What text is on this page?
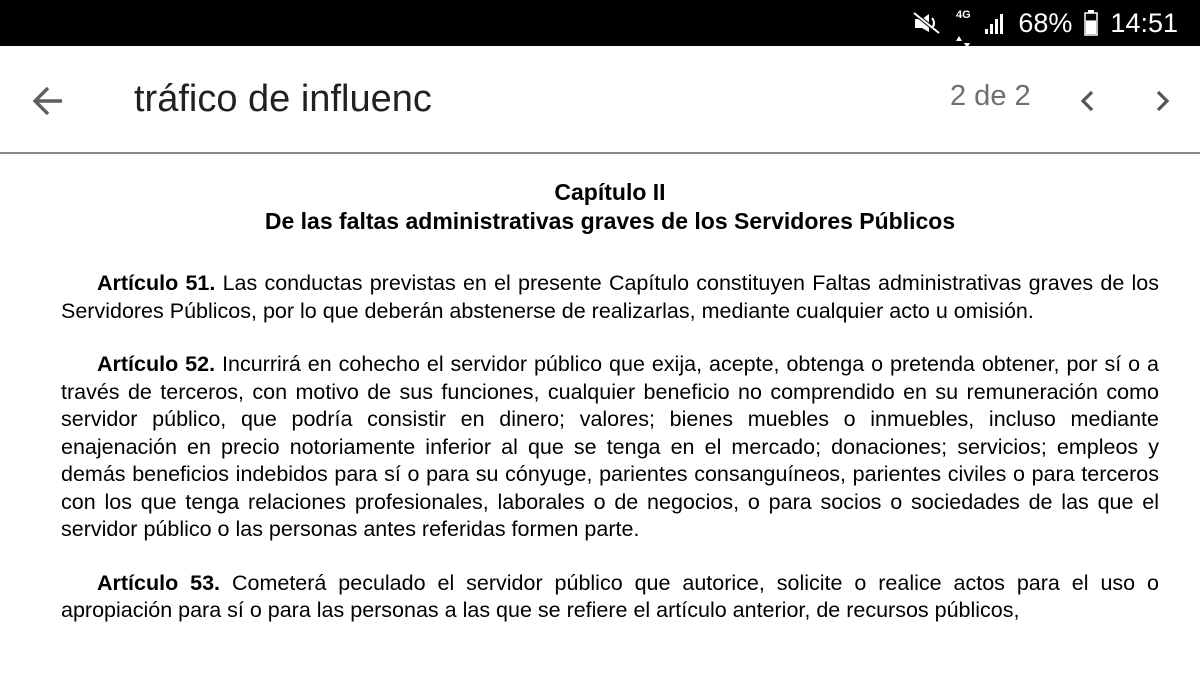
4G 68% 14:51
tráfico de influenc
2 de 2

Capítulo II

De las faltas administrativas graves de los Servidores Públicos

Artículo 51. Las conductas previstas en el presente Capítulo constituyen Faltas administrativas graves de los Servidores Públicos, por lo que deberán abstenerse de realizarlas, mediante cualquier acto u omisión.

Artículo 52. Incurrirá en cohecho el servidor público que exija, acepte, obtenga o pretenda obtener, por sí o a través de terceros, con motivo de sus funciones, cualquier beneficio no comprendido en su remuneración como servidor público, que podría consistir en dinero; valores; bienes muebles o inmuebles, incluso mediante enajenación en precio notoriamente inferior al que se tenga en el mercado; donaciones; servicios; empleos y demás beneficios indebidos para sí o para su cónyuge, parientes consanguíneos, parientes civiles o para terceros con los que tenga relaciones profesionales, laborales o de negocios, o para socios o sociedades de las que el servidor público o las personas antes referidas formen parte.

Artículo 53. Cometerá peculado el servidor público que autorice, solicite o realice actos para el uso o apropiación para sí o para las personas a las que se refiere el artículo anterior, de recursos públicos,
